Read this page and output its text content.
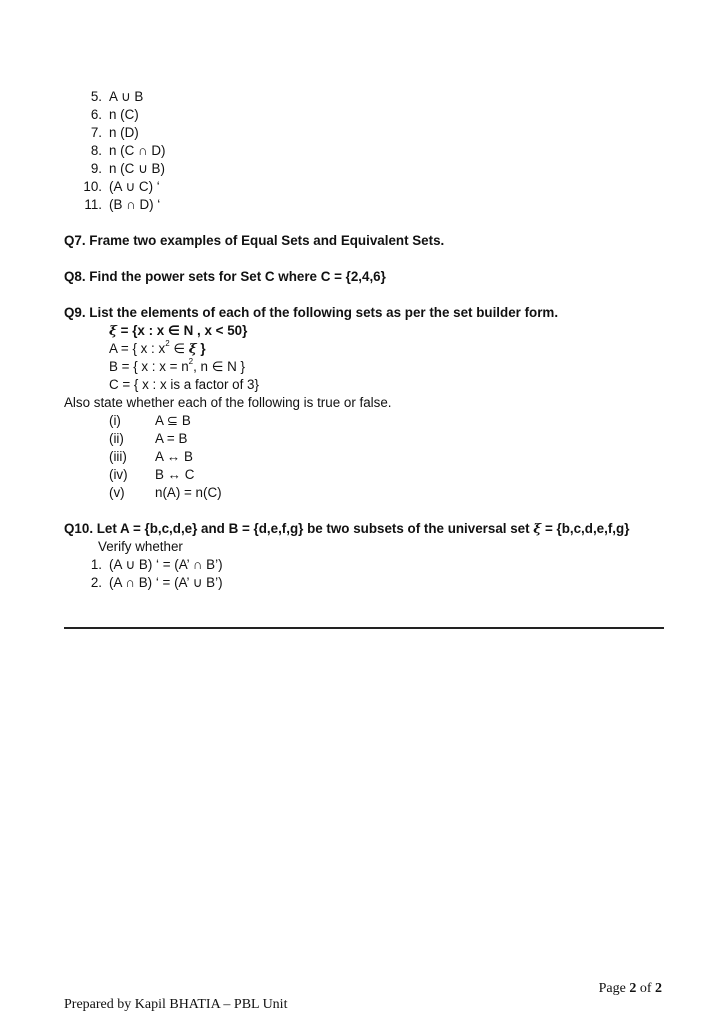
5. A ∪ B
6. n (C)
7. n (D)
8. n (C ∩ D)
9. n (C ∪ B)
10. (A ∪ C) ‘
11. (B ∩ D) ‘
Q7. Frame two examples of Equal Sets and Equivalent Sets.
Q8. Find the power sets for Set C where C = {2,4,6}
Q9. List the elements of each of the following sets as per the set builder form.
ξ = {x : x ∈ N , x < 50}
A = { x : $x^2$ ∈ ξ }
B = { x : $x = n^2$, n ∈ N }
C = { x : x is a factor of 3}
Also state whether each of the following is true or false.
(i)	A ⊆ B
(ii) A = B
(iii) A ↔ B
(iv) B ↔ C
(v) n(A) = n(C)
Q10. Let A = {b,c,d,e} and B = {d,e,f,g} be two subsets of the universal set ξ = {b,c,d,e,f,g}
Verify whether
1. (A ∪ B) ‘ = (A’ ∩ B’)
2. (A ∩ B) ‘ = (A’ ∪ B’)
Page 2 of 2
Prepared by Kapil BHATIA – PBL Unit
